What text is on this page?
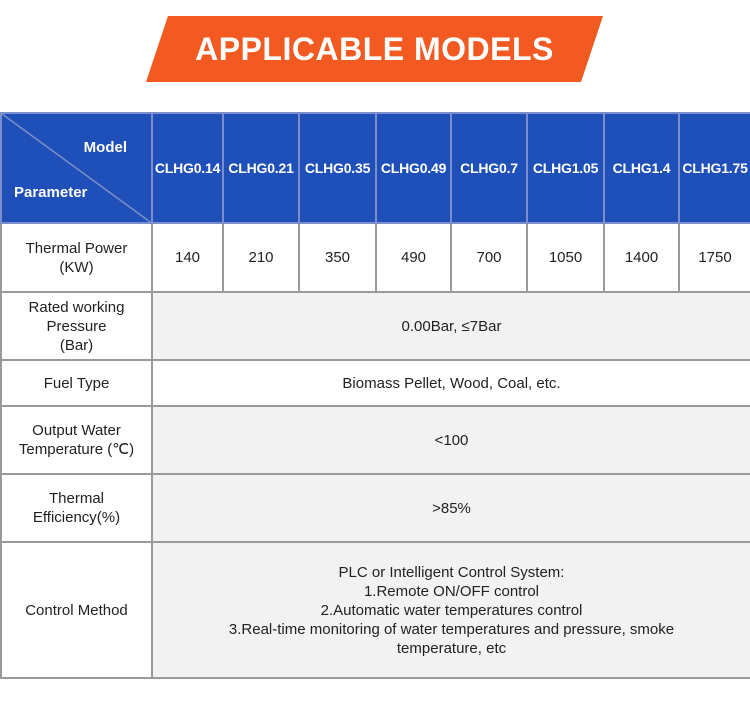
APPLICABLE MODELS
Model
Parameter	CLHG0.14	CLHG0.21	CLHG0.35	CLHG0.49	CLHG0.7	CLHG1.05	CLHG1.4	CLHG1.75

Thermal Power
(KW)	140	210	350	490	700	1050	1400	1750

Rated working
Pressure
(Bar)	0.00Bar, ≤7Bar							
Fuel Type	Biomass Pellet, Wood, Coal, etc.							

Output Water
Temperature (℃)	<100							

Thermal
Efficiency(%)	>85%							
Control Method	PLC or Intelligent Control System:
1.Remote ON/OFF control
2.Automatic water temperatures control
3.Real-time monitoring of water temperatures and pressure, smoke
temperature, etc							
